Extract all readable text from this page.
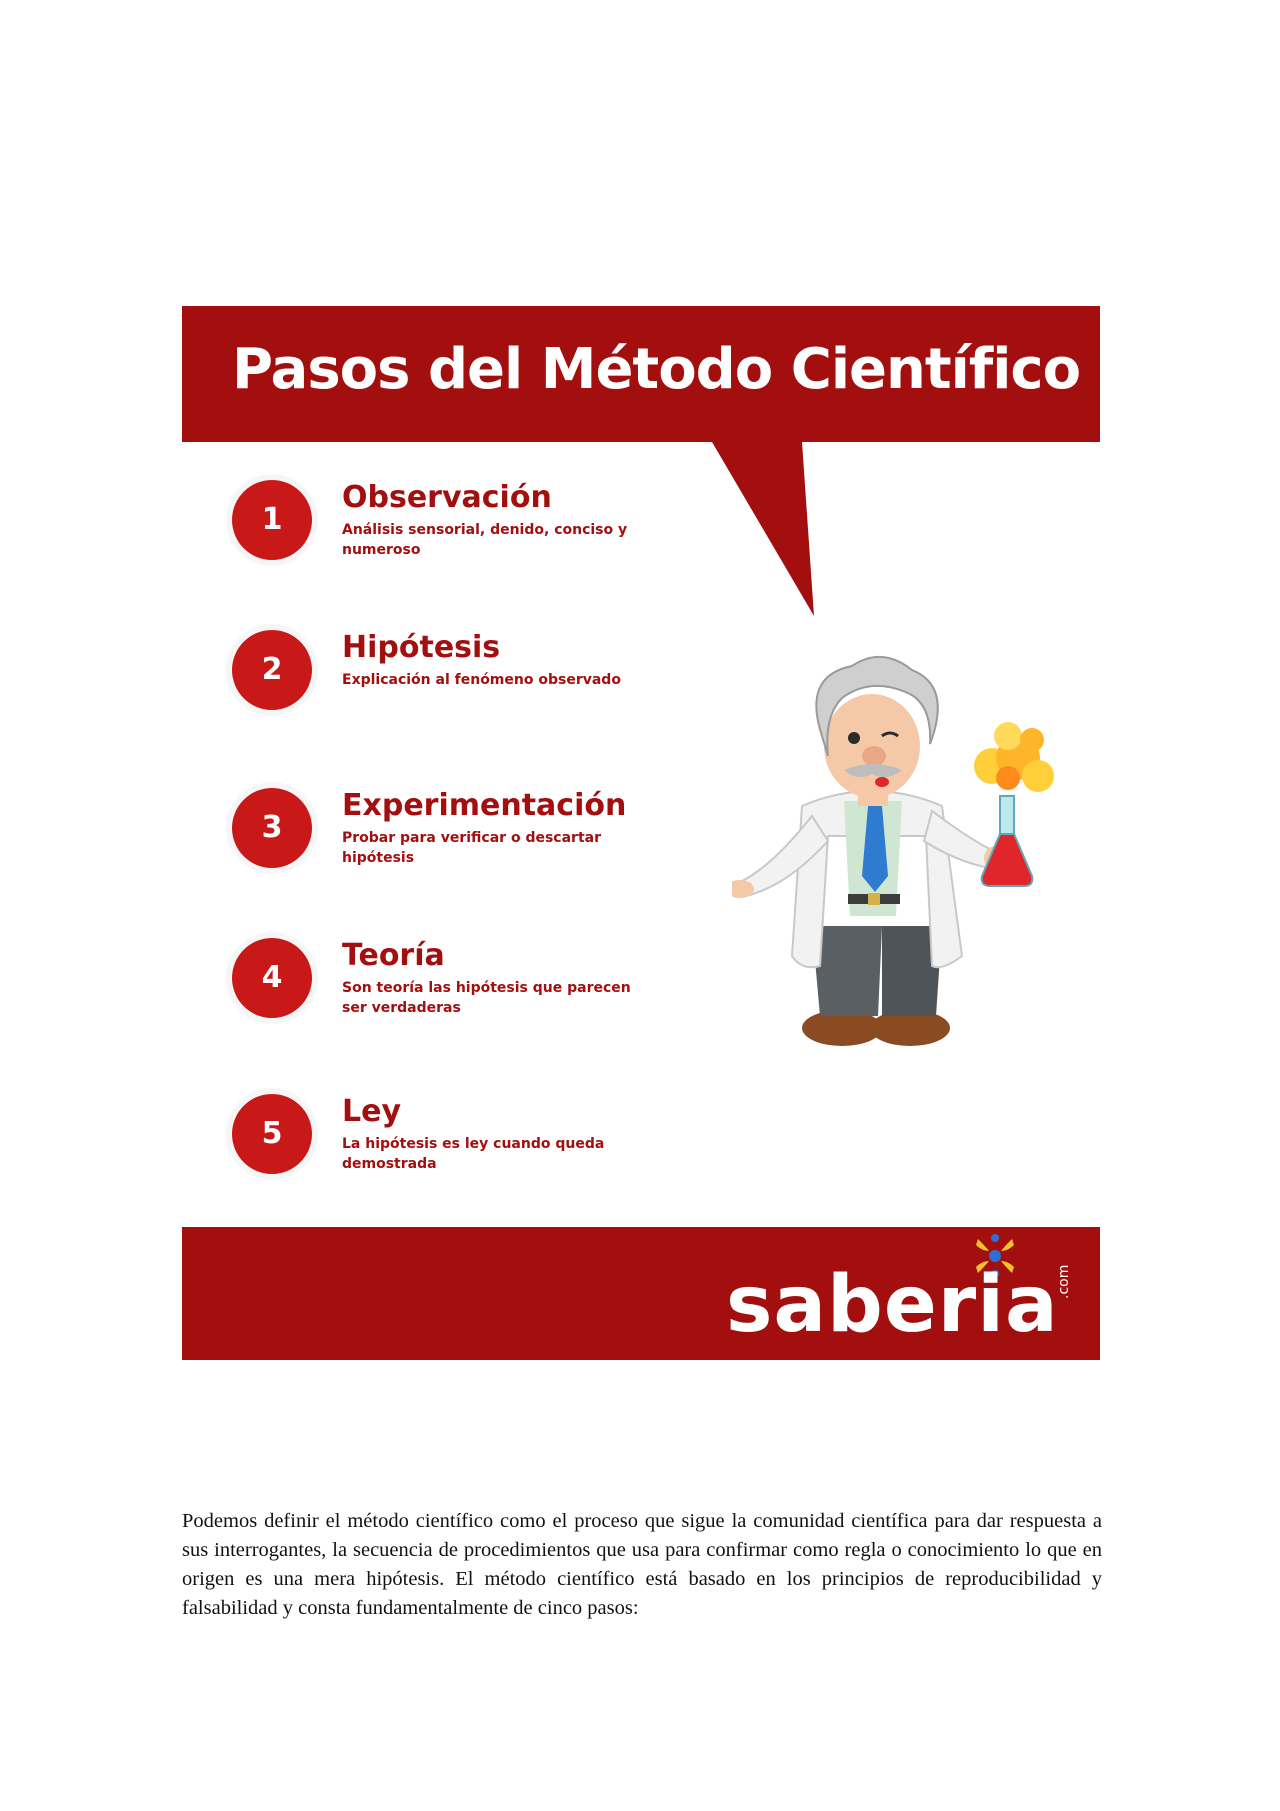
Pasos del Método Científico
1
Observación
Análisis sensorial, denido, conciso y numeroso
2
Hipótesis
Explicación al fenómeno observado
3
Experimentación
Probar para verificar o descartar hipótesis
4
Teoría
Son teoría las hipótesis que parecen ser verdaderas
5
Ley
La hipótesis es ley cuando queda demostrada
saberia
.com

Podemos definir el método científico como el proceso que sigue la comunidad científica para dar respuesta a sus interrogantes, la secuencia de procedimientos que usa para confirmar como regla o conocimiento lo que en origen es una mera hipótesis. El método científico está basado en los principios de reproducibilidad y falsabilidad y consta fundamentalmente de cinco pasos:
